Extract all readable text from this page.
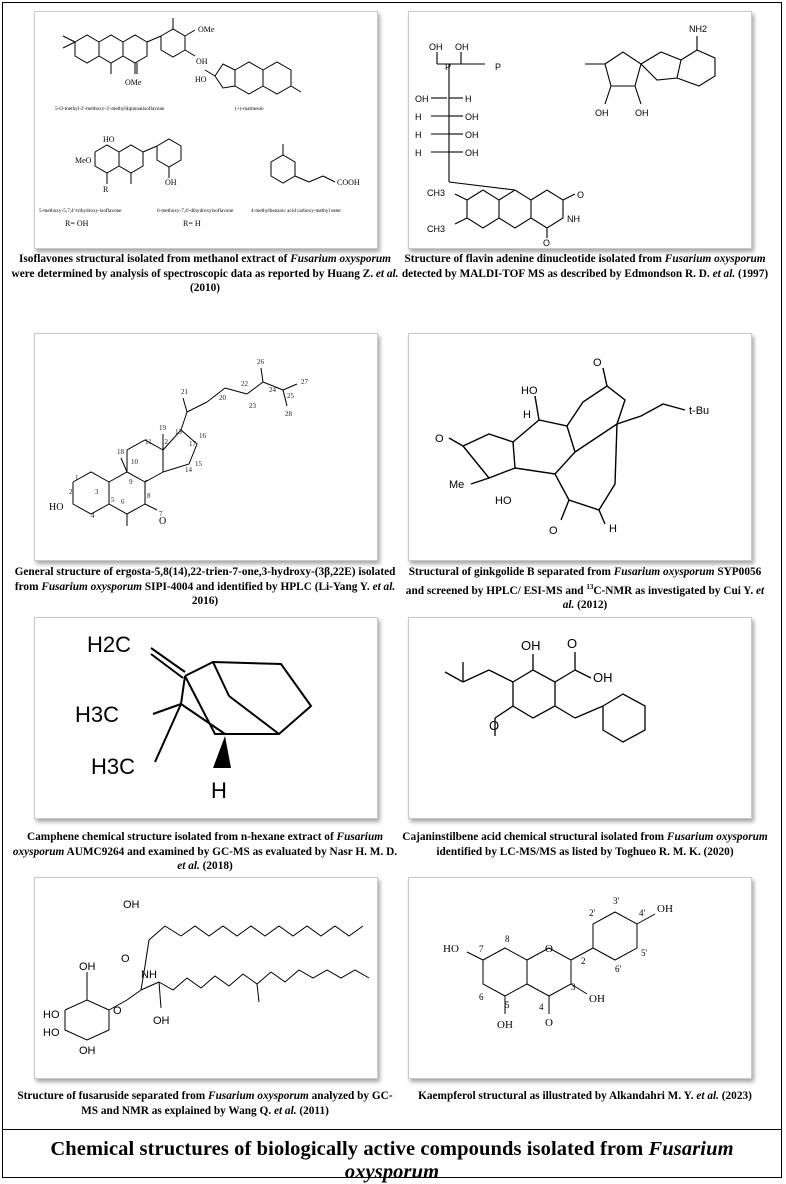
OMe
OMe
OH
HO
MeO
R
OH
HO
COOH
5-O-methyl-2'-methoxy-3'-methyldipinnatisoflavone	(+)-marmesin
5-methoxy-5,7,4'-trihydroxy-isoflavone	6-methoxy-7,4'-dihydroxyisoflavone	4-methylbenzoic acid carboxy-methyl ester
R= OH	R= H
Isoflavones structural isolated from methanol extract of Fusarium oxysporum were determined by analysis of spectroscopic data as reported by Huang Z. et al. (2010)
OH OH
OH	H
H	OH
H	OH
H	OH
OH	OH
NH2
CH3
CH3
NH
O
O
P	P
Structure of flavin adenine dinucleotide isolated from Fusarium oxysporum detected by MALDI-TOF MS as described by Edmondson R. D. et al. (1997)
1
2
4
5 6
9
8
14
17
13
20
22
23
24
25
26
27
28
21
19
18
10
11 12
15
16
3
7
HO
O
General structure of ergosta-5,8(14),22-trien-7-one,3-hydroxy-(3β,22E) isolated from Fusarium oxysporum SIPI-4004 and identified by HPLC (Li-Yang Y. et al. 2016)
O
Me
HO
HO
O
O
t-Bu
H
H
Structural of ginkgolide B separated from Fusarium oxysporum SYP0056 and screened by HPLC/ ESI-MS and $^{13}$C-NMR as investigated by Cui Y. et al. (2012)
H2C
H3C
H3C
H
Camphene chemical structure isolated from n-hexane extract of Fusarium oxysporum AUMC9264 and examined by GC-MS as evaluated by Nasr H. M. D. et al. (2018)
OH O
OH
O
Cajaninstilbene acid chemical structural isolated from Fusarium oxysporum identified by LC-MS/MS as listed by Toghueo R. M. K. (2020)
OH
O
NH
OH
HO
HO
OH
O
OH
Structure of fusaruside separated from Fusarium oxysporum analyzed by GC-MS and NMR as explained by Wang Q. et al. (2011)
O
O
OH
OH
OH
HO
8
7
6
5	4
3
2
2'
3'
4'
5'
6'
Kaempferol structural as illustrated by Alkandahri M. Y. et al. (2023)
Chemical structures of biologically active compounds isolated from Fusarium oxysporum
